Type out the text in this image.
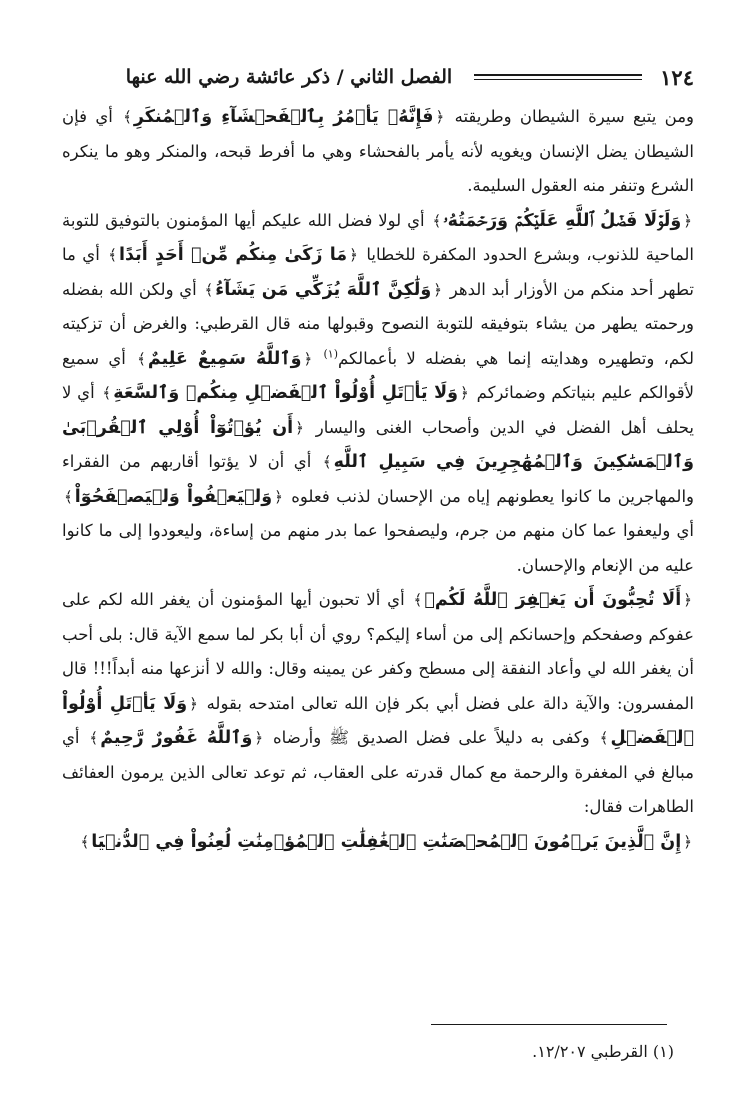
١٢٤
الفصل الثاني / ذكر عائشة رضي الله عنها

ومن يتبع سيرة الشيطان وطريقته ﴿فَإِنَّهُۥ يَأۡمُرُ بِٱلۡفَحۡشَآءِ وَٱلۡمُنكَرِ﴾ أي فإن الشيطان يضل الإنسان ويغويه لأنه يأمر بالفحشاء وهي ما أفرط قبحه، والمنكر وهو ما ينكره الشرع وتنفر منه العقول السليمة.

﴿وَلَوۡلَا فَضۡلُ ٱللَّهِ عَلَيۡكُمۡ وَرَحۡمَتُهُۥ﴾ أي لولا فضل الله عليكم أيها المؤمنون بالتوفيق للتوبة الماحية للذنوب، وبشرع الحدود المكفرة للخطايا ﴿مَا زَكَىٰ مِنكُم مِّنۡ أَحَدٍ أَبَدًا﴾ أي ما تطهر أحد منكم من الأوزار أبد الدهر ﴿وَلَٰكِنَّ ٱللَّهَ يُزَكِّي مَن يَشَآءُ﴾ أي ولكن الله بفضله ورحمته يطهر من يشاء بتوفيقه للتوبة النصوح وقبولها منه قال القرطبي: والغرض أن تزكيته لكم، وتطهيره وهدايته إنما هي بفضله لا بأعمالكم$^{(١)}$ ﴿وَٱللَّهُ سَمِيعٌ عَلِيمٌ﴾ أي سميع لأقوالكم عليم بنياتكم وضمائركم ﴿وَلَا يَأۡتَلِ أُوْلُواْ ٱلۡفَضۡلِ مِنكُمۡ وَٱلسَّعَةِ﴾ أي لا يحلف أهل الفضل في الدين وأصحاب الغنى واليسار ﴿أَن يُؤۡتُوٓاْ أُوْلِي ٱلۡقُرۡبَىٰ وَٱلۡمَسَٰكِينَ وَٱلۡمُهَٰجِرِينَ فِي سَبِيلِ ٱللَّهِ﴾ أي أن لا يؤتوا أقاربهم من الفقراء والمهاجرين ما كانوا يعطونهم إياه من الإحسان لذنب فعلوه ﴿وَلۡيَعۡفُواْ وَلۡيَصۡفَحُوٓاْ﴾ أي وليعفوا عما كان منهم من جرم، وليصفحوا عما بدر منهم من إساءة، وليعودوا إلى ما كانوا عليه من الإنعام والإحسان.

﴿أَلَا تُحِبُّونَ أَن يَغۡفِرَ ٱللَّهُ لَكُمۡ﴾ أي ألا تحبون أيها المؤمنون أن يغفر الله لكم على عفوكم وصفحكم وإحسانكم إلى من أساء إليكم؟ روي أن أبا بكر لما سمع الآية قال: بلى أحب أن يغفر الله لي وأعاد النفقة إلى مسطح وكفر عن يمينه وقال: والله لا أنزعها منه أبداً!!! قال المفسرون: والآية دالة على فضل أبي بكر فإن الله تعالى امتدحه بقوله ﴿وَلَا يَأۡتَلِ أُوْلُواْ ٱلۡفَضۡلِ﴾ وكفى به دليلاً على فضل الصديق ﷺ وأرضاه ﴿وَٱللَّهُ غَفُورٌ رَّحِيمٌ﴾ أي مبالغ في المغفرة والرحمة مع كمال قدرته على العقاب، ثم توعد تعالى الذين يرمون العفائف الطاهرات فقال:

﴿إِنَّ ٱلَّذِينَ يَرۡمُونَ ٱلۡمُحۡصَنَٰتِ ٱلۡغَٰفِلَٰتِ ٱلۡمُؤۡمِنَٰتِ لُعِنُواْ فِي ٱلدُّنۡيَا﴾

(١) القرطبي ١٢/٢٠٧.
